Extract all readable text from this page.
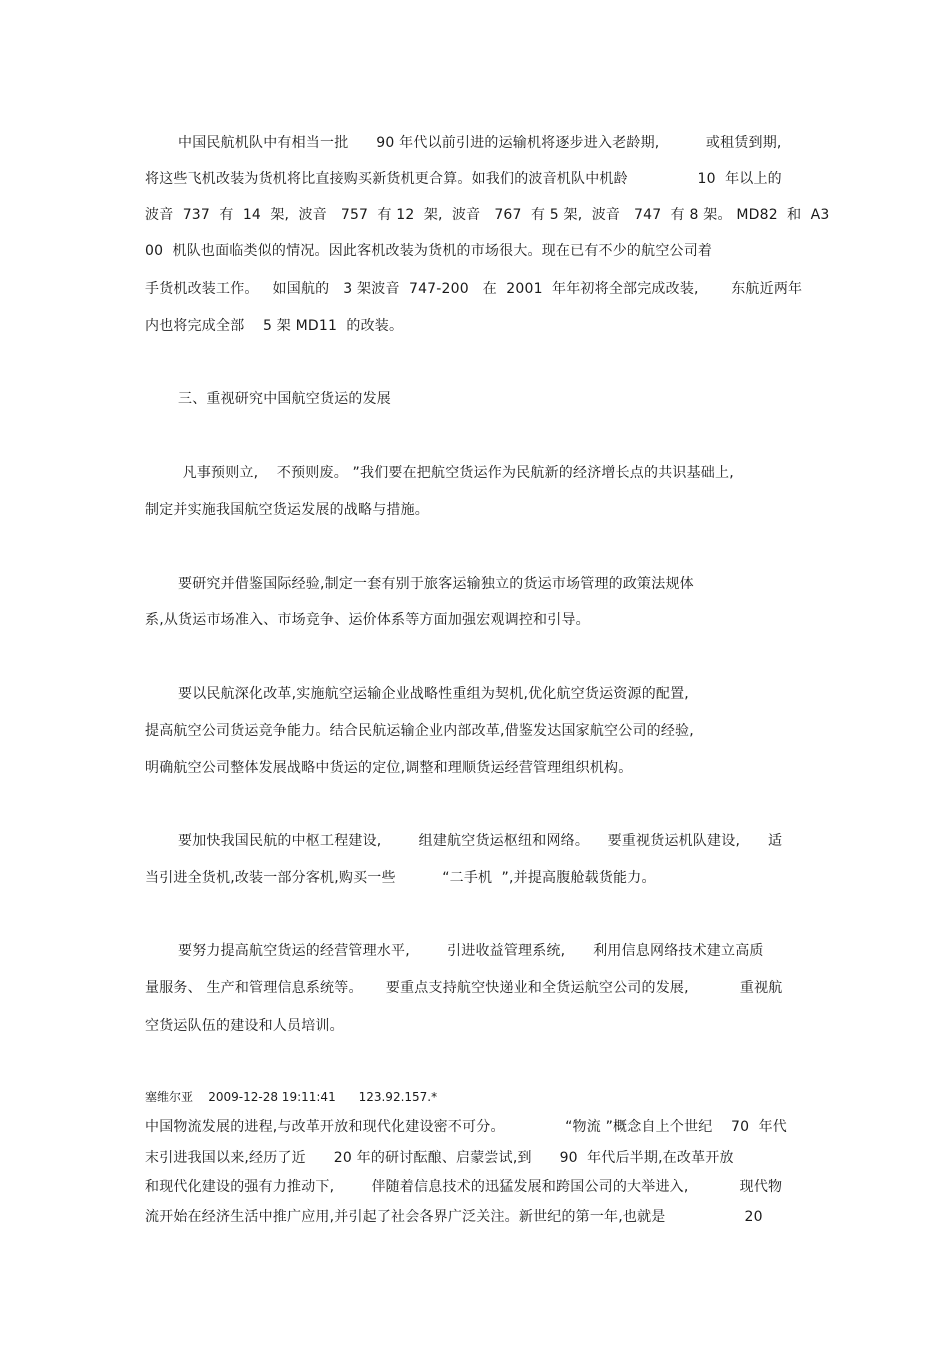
中国民航机队中有相当一批      90 年代以前引进的运输机将逐步进入老龄期,          或租赁到期,
将这些飞机改装为货机将比直接购买新货机更合算。如我们的波音机队中机龄               10  年以上的
波音  737  有  14  架,  波音   757  有 12  架,  波音   767  有 5 架,  波音   747  有 8 架。 MD82  和  A3
00  机队也面临类似的情况。因此客机改装为货机的市场很大。现在已有不少的航空公司着
手货机改装工作。   如国航的   3 架波音  747-200   在  2001  年年初将全部完成改装,       东航近两年
内也将完成全部    5 架 MD11  的改装。
三、重视研究中国航空货运的发展
凡事预则立,    不预则废。 ”我们要在把航空货运作为民航新的经济增长点的共识基础上,
制定并实施我国航空货运发展的战略与措施。
要研究并借鉴国际经验,制定一套有别于旅客运输独立的货运市场管理的政策法规体
系,从货运市场准入、市场竞争、运价体系等方面加强宏观调控和引导。
要以民航深化改革,实施航空运输企业战略性重组为契机,优化航空货运资源的配置,
提高航空公司货运竞争能力。结合民航运输企业内部改革,借鉴发达国家航空公司的经验,
明确航空公司整体发展战略中货运的定位,调整和理顺货运经营管理组织机构。
要加快我国民航的中枢工程建设,        组建航空货运枢纽和网络。    要重视货运机队建设,      适
当引进全货机,改装一部分客机,购买一些          “二手机  ”,并提高腹舱载货能力。
要努力提高航空货运的经营管理水平,        引进收益管理系统,      利用信息网络技术建立高质
量服务、 生产和管理信息系统等。     要重点支持航空快递业和全货运航空公司的发展,           重视航
空货运队伍的建设和人员培训。
塞维尔亚    2009-12-28 19:11:41      123.92.157.*
中国物流发展的进程,与改革开放和现代化建设密不可分。             “物流 ”概念自上个世纪    70  年代
末引进我国以来,经历了近      20 年的研讨酝酿、启蒙尝试,到      90  年代后半期,在改革开放
和现代化建设的强有力推动下,        伴随着信息技术的迅猛发展和跨国公司的大举进入,           现代物
流开始在经济生活中推广应用,并引起了社会各界广泛关注。新世纪的第一年,也就是                 20
